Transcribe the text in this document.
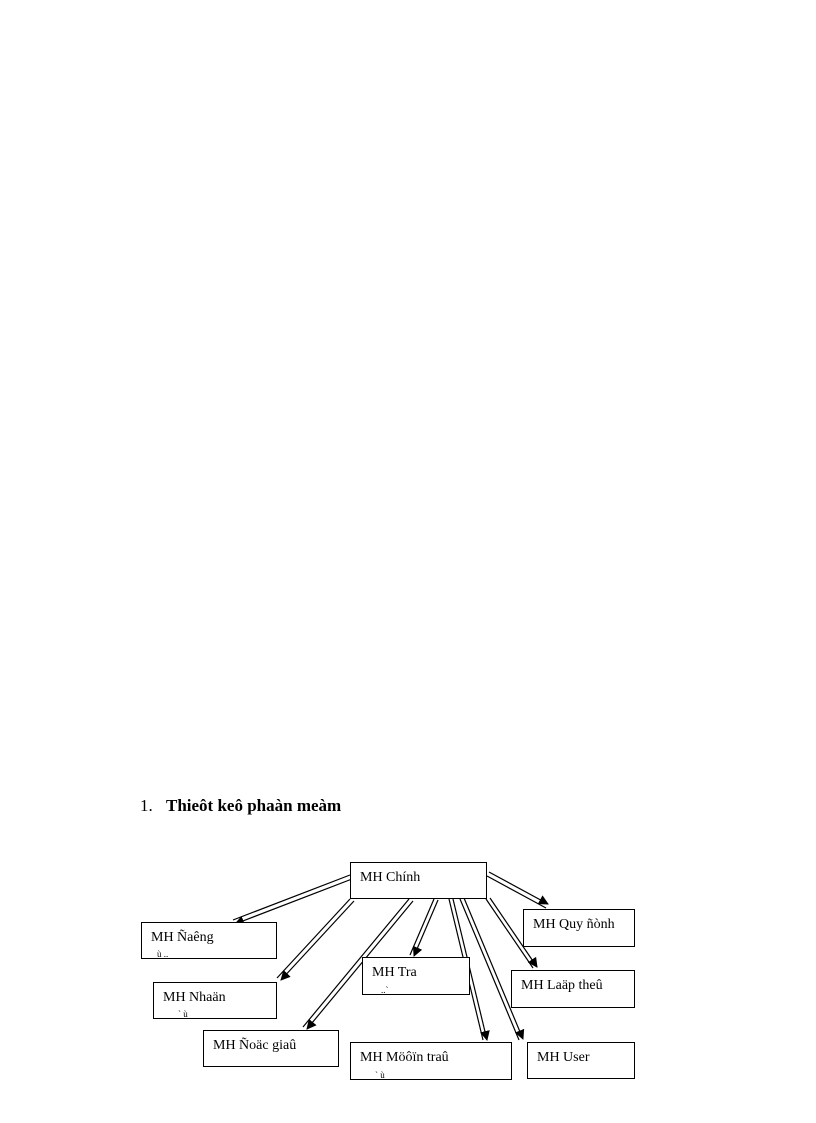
1. Thieôt keô phaàn meàm
MH Chính
MH Ñaêng
ù ..
MH Nhaän
ˋ ù
MH Ñoäc giaû
MH Tra
..ˋ
MH Möôïn traû
ˋ ù
MH Quy ñònh
MH Laäp theû
MH User
